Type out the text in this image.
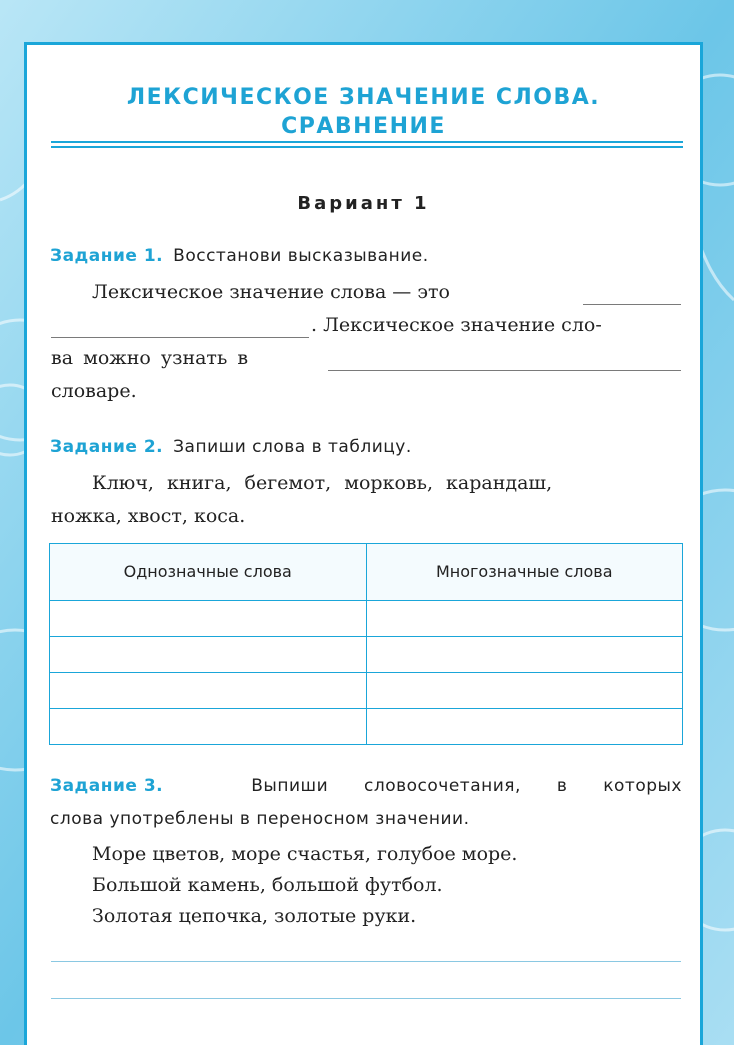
ЛЕКСИЧЕСКОЕ ЗНАЧЕНИЕ СЛОВА.
СРАВНЕНИЕ
Вариант 1
Задание 1. Восстанови высказывание.
Лексическое значение слова — это
. Лексическое значение сло-
ва можно узнать в
словаре.
Задание 2. Запиши слова в таблицу.
Ключ, книга, бегемот, морковь, карандаш,
ножка, хвост, коса.
Однозначные слова	Многозначные слова

Задание 3.	Выпиши словосочетания, в которых
слова употреблены в переносном значении.
Море цветов, море счастья, голубое море.
Большой камень, большой футбол.
Золотая цепочка, золотые руки.
